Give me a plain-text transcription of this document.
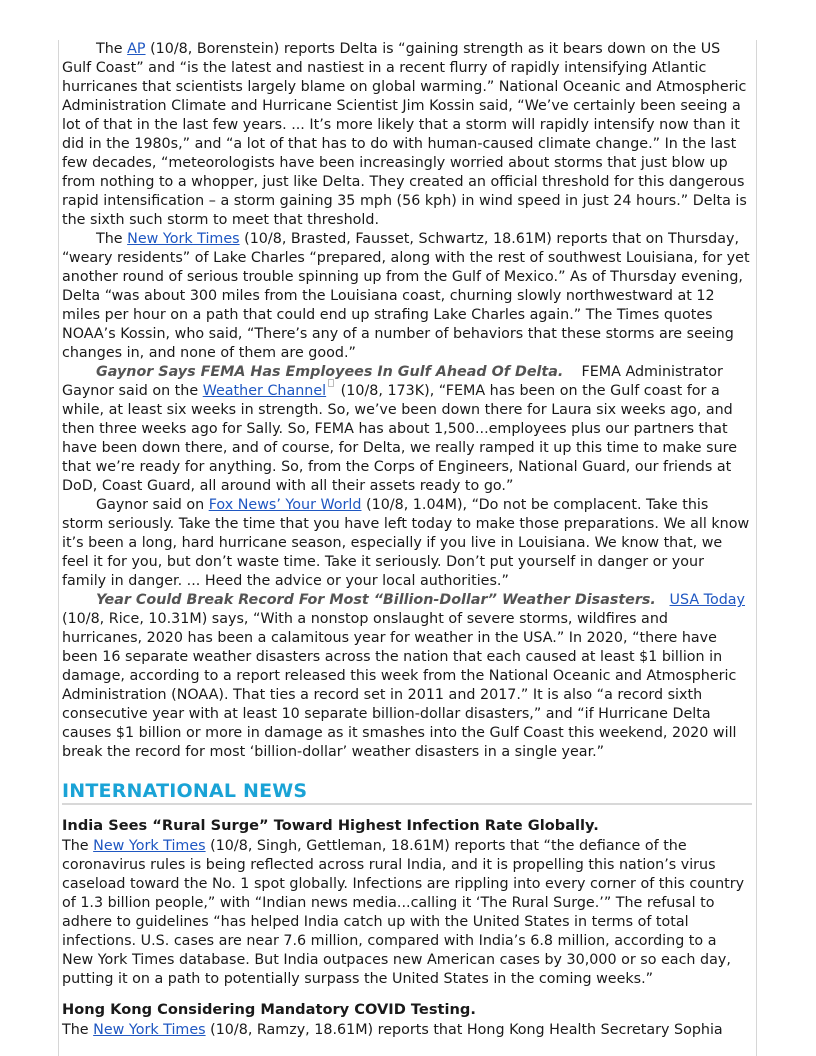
The AP (10/8, Borenstein) reports Delta is “gaining strength as it bears down on the US Gulf Coast” and “is the latest and nastiest in a recent flurry of rapidly intensifying Atlantic hurricanes that scientists largely blame on global warming.” National Oceanic and Atmospheric Administration Climate and Hurricane Scientist Jim Kossin said, “We’ve certainly been seeing a lot of that in the last few years. ... It’s more likely that a storm will rapidly intensify now than it did in the 1980s,” and “a lot of that has to do with human-caused climate change.” In the last few decades, “meteorologists have been increasingly worried about storms that just blow up from nothing to a whopper, just like Delta. They created an official threshold for this dangerous rapid intensification – a storm gaining 35 mph (56 kph) in wind speed in just 24 hours.” Delta is the sixth such storm to meet that threshold.

The New York Times (10/8, Brasted, Fausset, Schwartz, 18.61M) reports that on Thursday, “weary residents” of Lake Charles “prepared, along with the rest of southwest Louisiana, for yet another round of serious trouble spinning up from the Gulf of Mexico.” As of Thursday evening, Delta “was about 300 miles from the Louisiana coast, churning slowly northwestward at 12 miles per hour on a path that could end up strafing Lake Charles again.” The Times quotes NOAA’s Kossin, who said, “There’s any of a number of behaviors that these storms are seeing changes in, and none of them are good.”

Gaynor Says FEMA Has Employees In Gulf Ahead Of Delta. FEMA Administrator Gaynor said on the Weather Channel (10/8, 173K), “FEMA has been on the Gulf coast for a while, at least six weeks in strength. So, we’ve been down there for Laura six weeks ago, and then three weeks ago for Sally. So, FEMA has about 1,500...employees plus our partners that have been down there, and of course, for Delta, we really ramped it up this time to make sure that we’re ready for anything. So, from the Corps of Engineers, National Guard, our friends at DoD, Coast Guard, all around with all their assets ready to go.”

Gaynor said on Fox News’ Your World (10/8, 1.04M), “Do not be complacent. Take this storm seriously. Take the time that you have left today to make those preparations. We all know it’s been a long, hard hurricane season, especially if you live in Louisiana. We know that, we feel it for you, but don’t waste time. Take it seriously. Don’t put yourself in danger or your family in danger. ... Heed the advice or your local authorities.”

Year Could Break Record For Most “Billion-Dollar” Weather Disasters. USA Today (10/8, Rice, 10.31M) says, “With a nonstop onslaught of severe storms, wildfires and hurricanes, 2020 has been a calamitous year for weather in the USA.” In 2020, “there have been 16 separate weather disasters across the nation that each caused at least $1 billion in damage, according to a report released this week from the National Oceanic and Atmospheric Administration (NOAA). That ties a record set in 2011 and 2017.” It is also “a record sixth consecutive year with at least 10 separate billion-dollar disasters,” and “if Hurricane Delta causes $1 billion or more in damage as it smashes into the Gulf Coast this weekend, 2020 will break the record for most ‘billion-dollar’ weather disasters in a single year.”

INTERNATIONAL NEWS
India Sees “Rural Surge” Toward Highest Infection Rate Globally.

The New York Times (10/8, Singh, Gettleman, 18.61M) reports that “the defiance of the coronavirus rules is being reflected across rural India, and it is propelling this nation’s virus caseload toward the No. 1 spot globally. Infections are rippling into every corner of this country of 1.3 billion people,” with “Indian news media...calling it ‘The Rural Surge.’” The refusal to adhere to guidelines “has helped India catch up with the United States in terms of total infections. U.S. cases are near 7.6 million, compared with India’s 6.8 million, according to a New York Times database. But India outpaces new American cases by 30,000 or so each day, putting it on a path to potentially surpass the United States in the coming weeks.”

Hong Kong Considering Mandatory COVID Testing.

The New York Times (10/8, Ramzy, 18.61M) reports that Hong Kong Health Secretary Sophia
